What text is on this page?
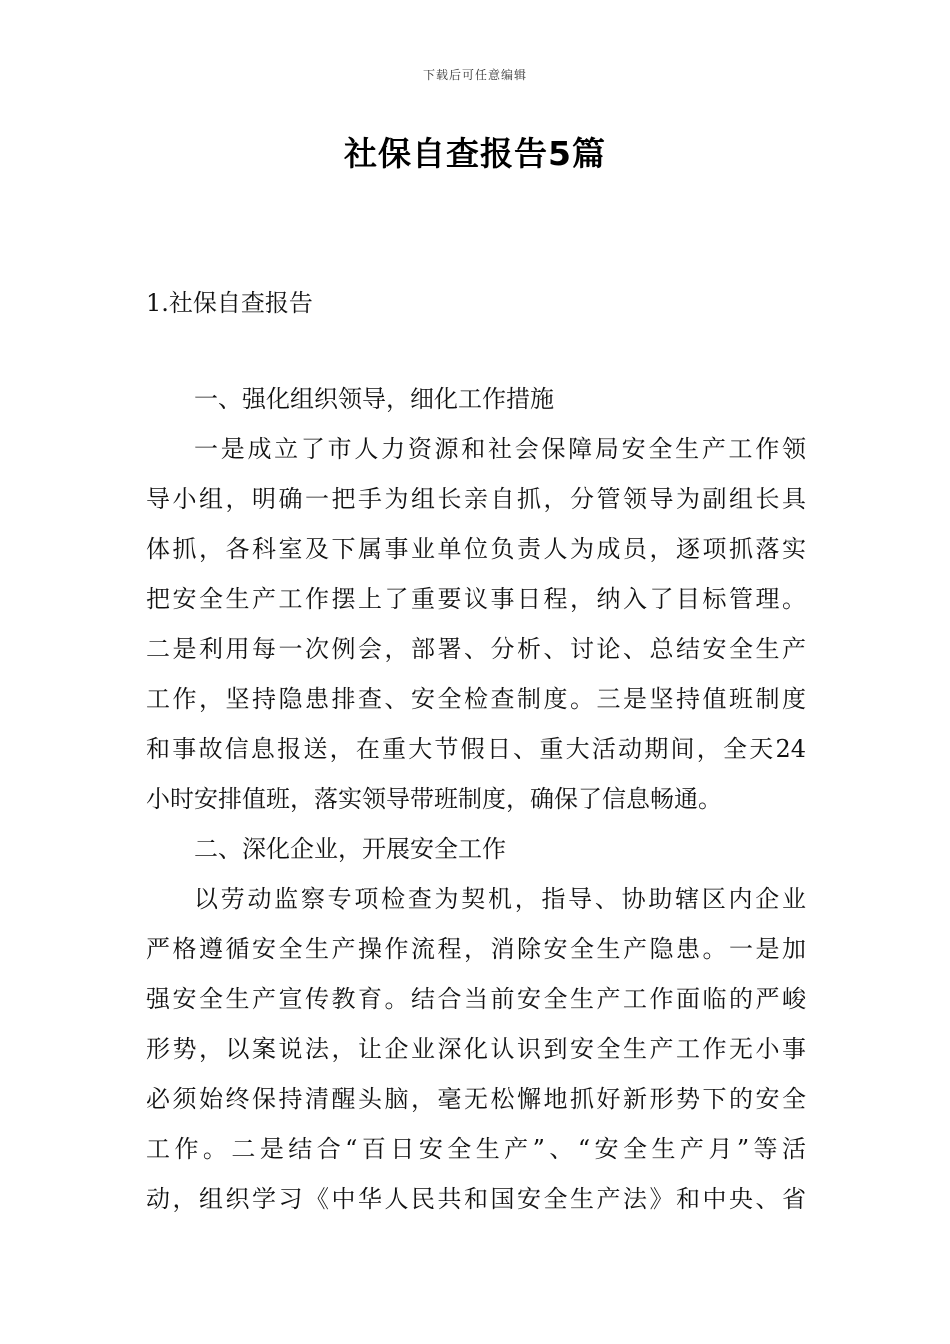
下载后可任意编辑
社保自查报告5篇
1.社保自查报告
一、强化组织领导，细化工作措施
一是成立了市人力资源和社会保障局安全生产工作领
导小组，明确一把手为组长亲自抓，分管领导为副组长具
体抓，各科室及下属事业单位负责人为成员，逐项抓落实
把安全生产工作摆上了重要议事日程，纳入了目标管理。
二是利用每一次例会，部署、分析、讨论、总结安全生产
工作，坚持隐患排查、安全检查制度。三是坚持值班制度
和事故信息报送，在重大节假日、重大活动期间，全天24
小时安排值班，落实领导带班制度，确保了信息畅通。
二、深化企业，开展安全工作
以劳动监察专项检查为契机，指导、协助辖区内企业
严格遵循安全生产操作流程，消除安全生产隐患。一是加
强安全生产宣传教育。结合当前安全生产工作面临的严峻
形势，以案说法，让企业深化认识到安全生产工作无小事
必须始终保持清醒头脑，毫无松懈地抓好新形势下的安全
工作。二是结合“百日安全生产”、“安全生产月”等活
动，组织学习《中华人民共和国安全生产法》和中央、省
